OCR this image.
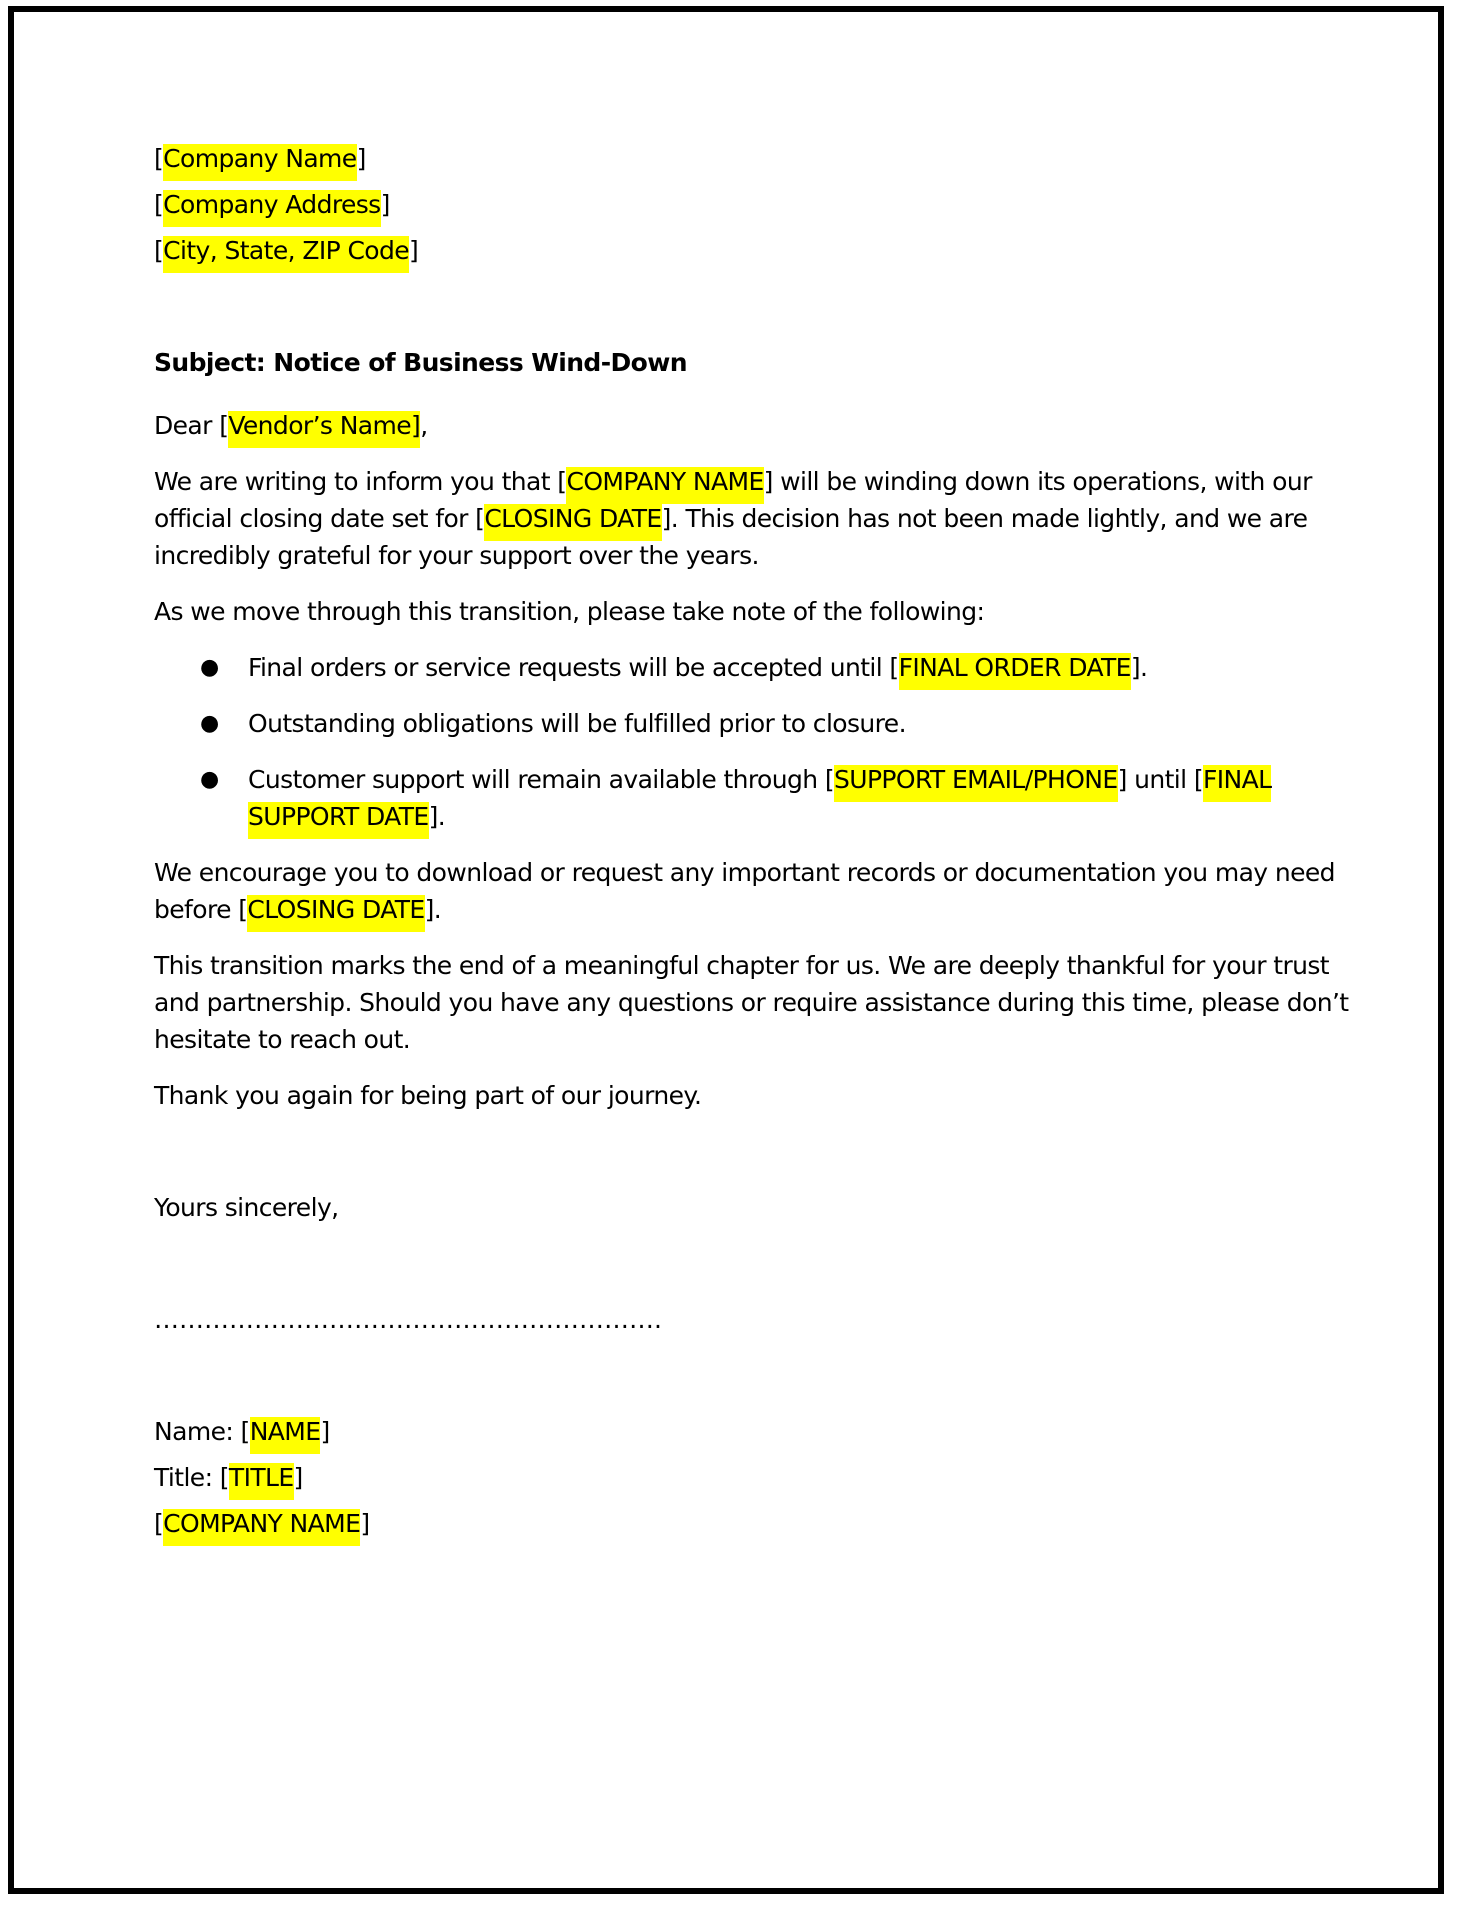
[Company Name]

[Company Address]

[City, State, ZIP Code]

Subject: Notice of Business Wind-Down

Dear [Vendor’s Name],

We are writing to inform you that [COMPANY NAME] will be winding down its operations, with our official closing date set for [CLOSING DATE]. This decision has not been made lightly, and we are incredibly grateful for your support over the years.

As we move through this transition, please take note of the following:

● Final orders or service requests will be accepted until [FINAL ORDER DATE].
● Outstanding obligations will be fulfilled prior to closure.
● Customer support will remain available through [SUPPORT EMAIL/PHONE] until [FINAL SUPPORT DATE].

We encourage you to download or request any important records or documentation you may need before [CLOSING DATE].

This transition marks the end of a meaningful chapter for us. We are deeply thankful for your trust and partnership. Should you have any questions or require assistance during this time, please don’t hesitate to reach out.

Thank you again for being part of our journey.

Yours sincerely,

…………………………………………………….

Name: [NAME]

Title: [TITLE]

[COMPANY NAME]
